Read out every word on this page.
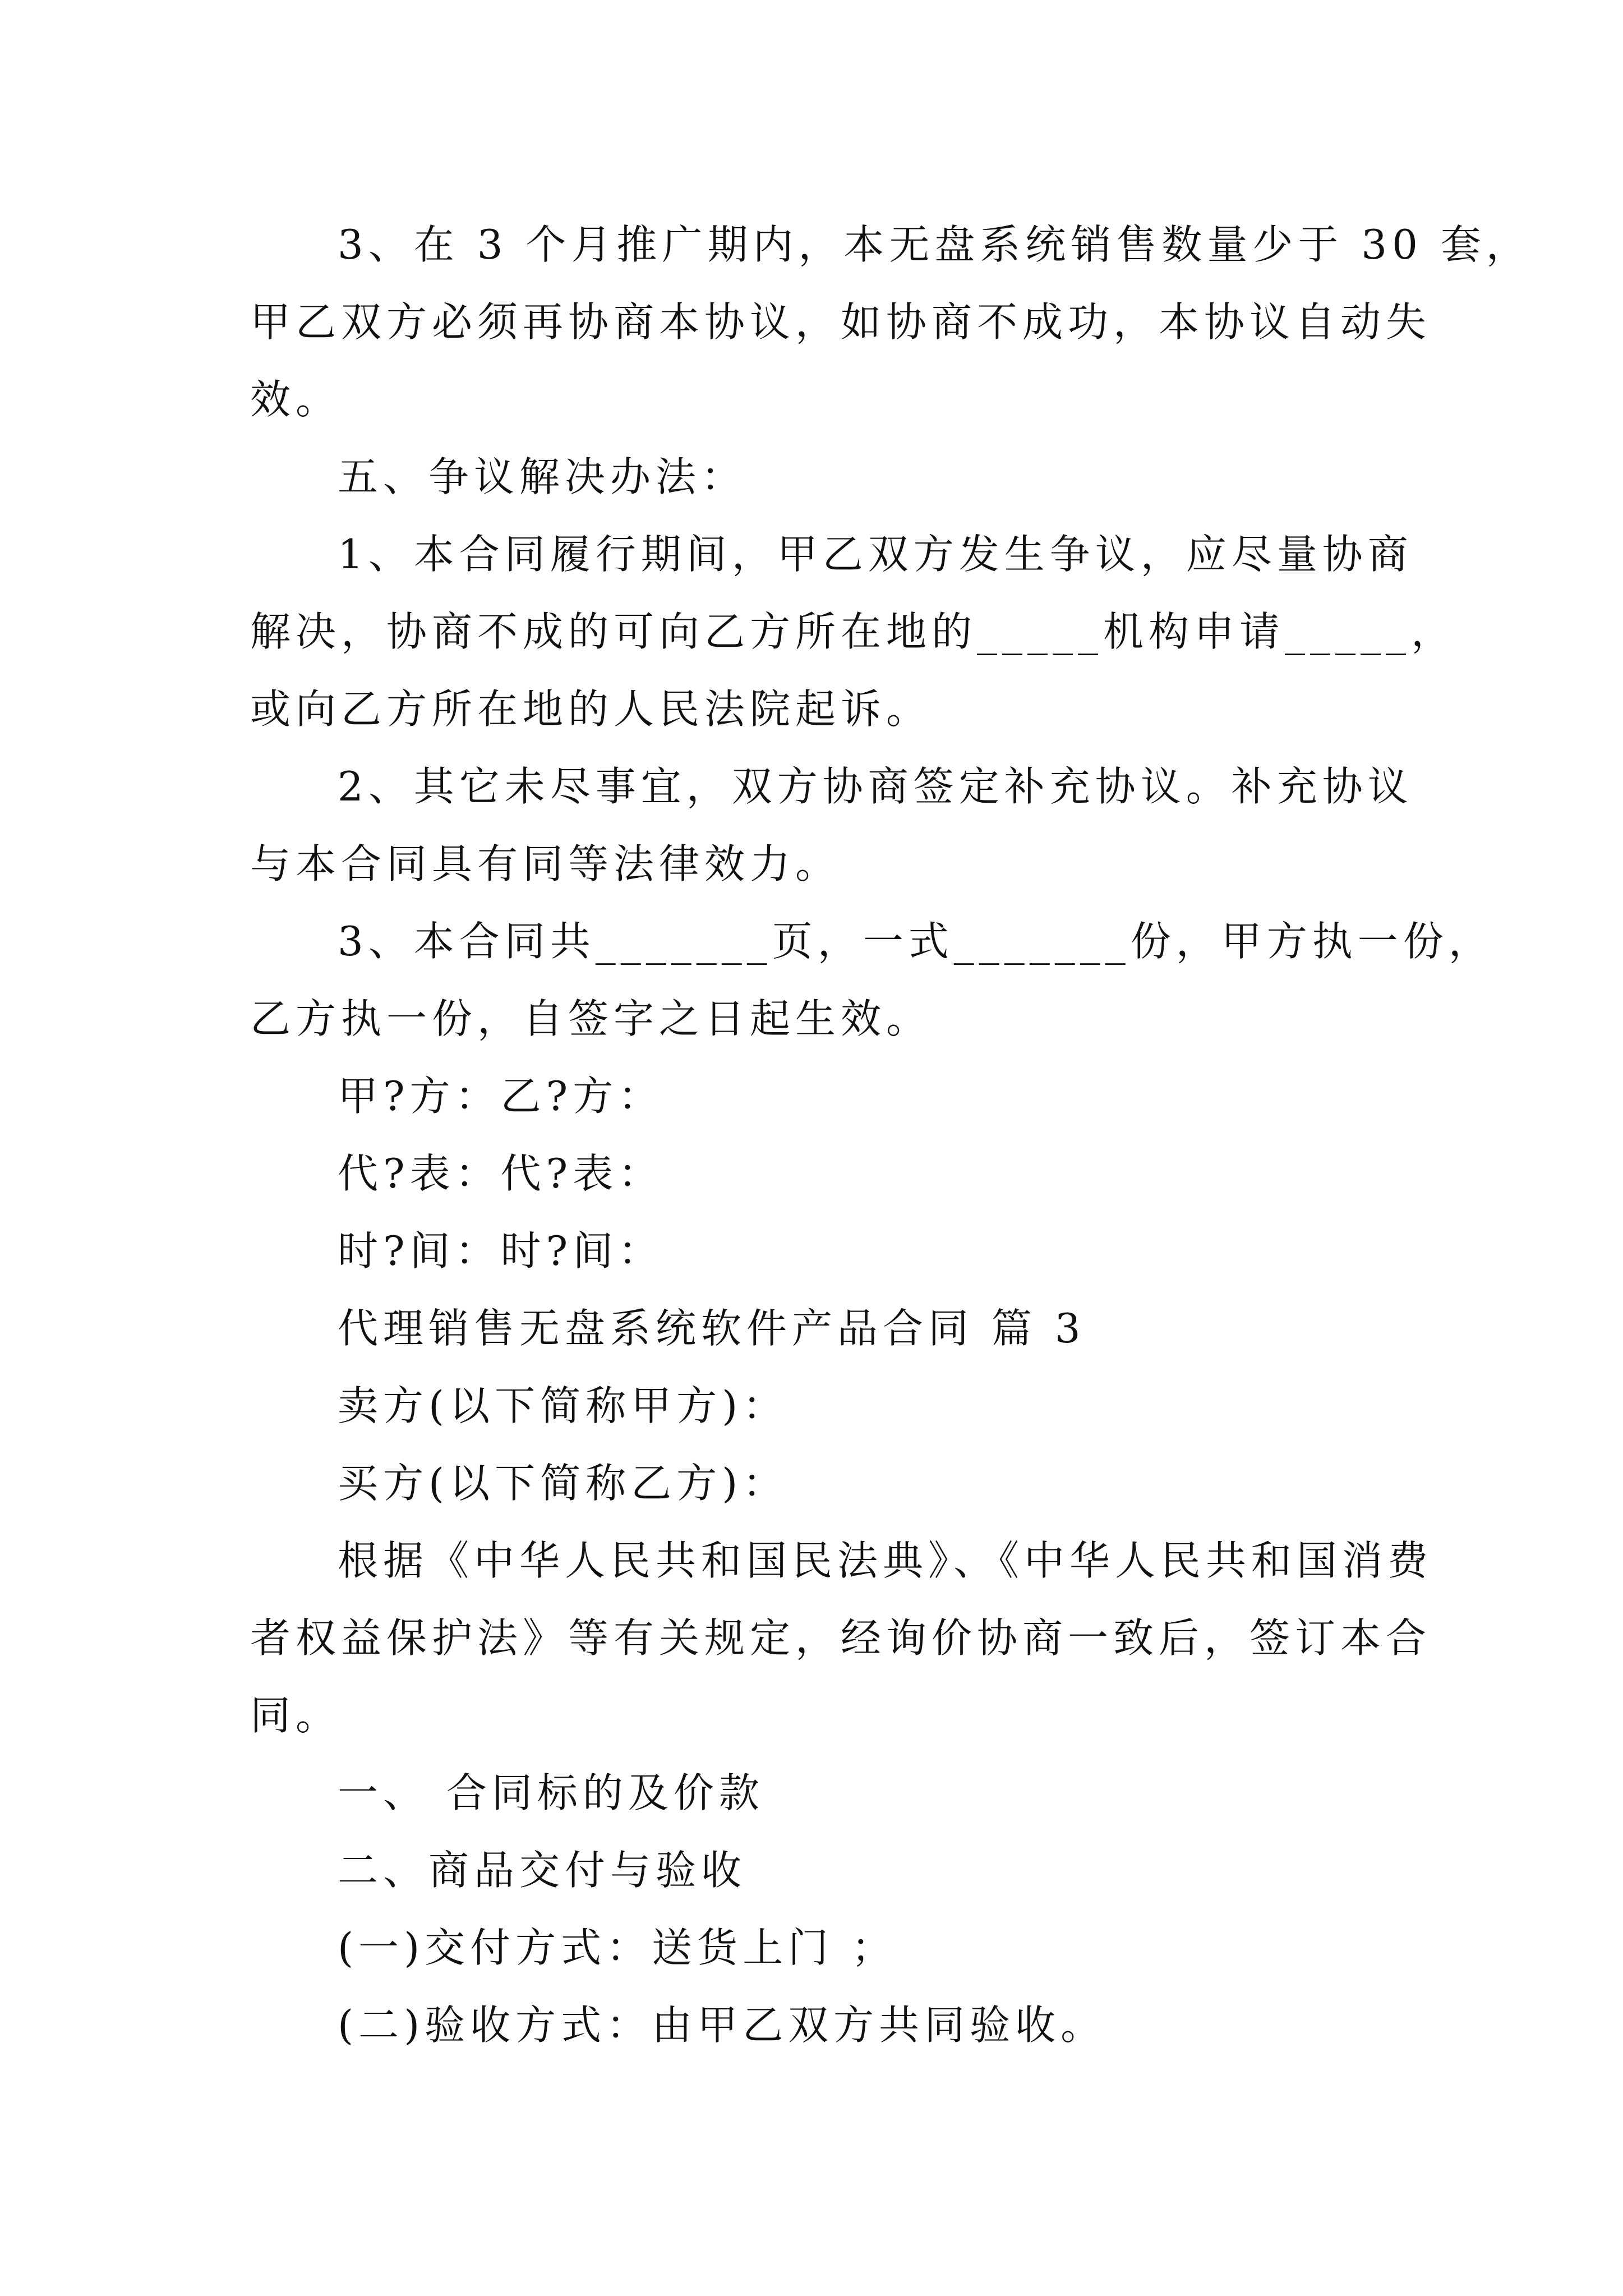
3、在 3 个月推广期内，本无盘系统销售数量少于 30 套，

甲乙双方必须再协商本协议，如协商不成功，本协议自动失

效。

五、争议解决办法：

1、本合同履行期间，甲乙双方发生争议，应尽量协商

解决，协商不成的可向乙方所在地的_____机构申请_____，

或向乙方所在地的人民法院起诉。

2、其它未尽事宜，双方协商签定补充协议。补充协议

与本合同具有同等法律效力。

3、本合同共_______页，一式_______份，甲方执一份，

乙方执一份，自签字之日起生效。

甲?方：乙?方：

代?表：代?表：

时?间：时?间：

代理销售无盘系统软件产品合同 篇 3

卖方(以下简称甲方)：

买方(以下简称乙方)：

根据《中华人民共和国民法典》、《中华人民共和国消费

者权益保护法》等有关规定，经询价协商一致后，签订本合

同。

一、 合同标的及价款

二、商品交付与验收

(一)交付方式：送货上门 ；

(二)验收方式：由甲乙双方共同验收。
